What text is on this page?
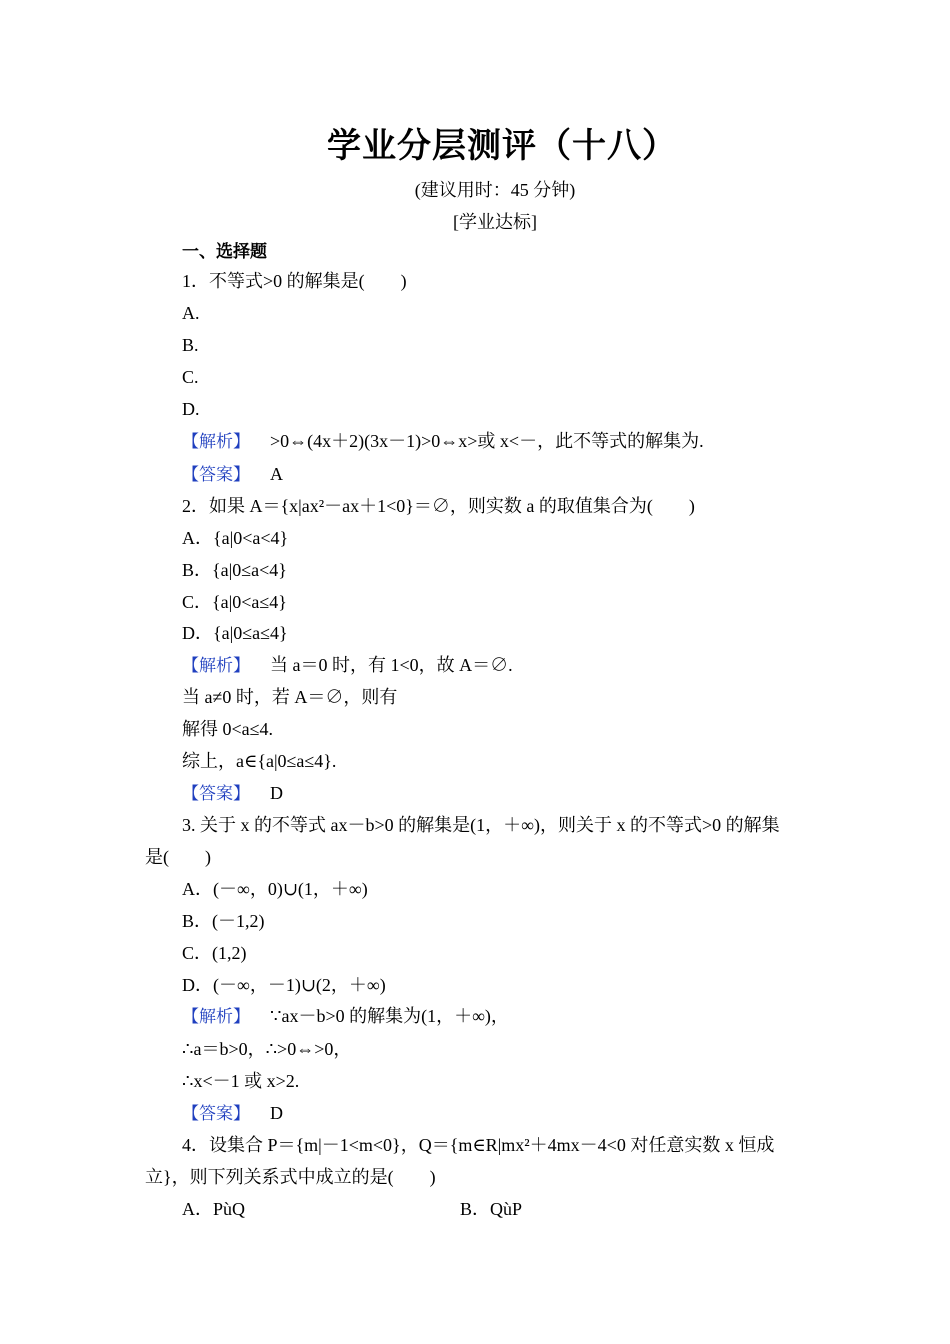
学业分层测评（十八）
(建议用时：45 分钟)
[学业达标]
一、选择题
1．不等式>0 的解集是(　　)
A.
B.
C.
D.
【解析】 >0⇔(4x＋2)(3x－1)>0⇔x>或 x<－，此不等式的解集为.
【答案】 A
2．如果 A＝{x|ax²－ax＋1<0}＝∅，则实数 a 的取值集合为(　　)
A．{a|0<a<4}
B．{a|0≤a<4}
C．{a|0<a≤4}
D．{a|0≤a≤4}
【解析】 当 a＝0 时，有 1<0，故 A＝∅.
当 a≠0 时，若 A＝∅，则有
解得 0<a≤4.
综上，a∈{a|0≤a≤4}.
【答案】 D
3. 关于 x 的不等式 ax－b>0 的解集是(1，＋∞)，则关于 x 的不等式>0 的解集
是(　　)
A．(－∞，0)∪(1，＋∞)
B．(－1,2)
C．(1,2)
D．(－∞，－1)∪(2，＋∞)
【解析】 ∵ax－b>0 的解集为(1，＋∞)，
∴a＝b>0，∴>0⇔>0，
∴x<－1 或 x>2.
【答案】 D
4．设集合 P＝{m|－1<m<0}，Q＝{m∈R|mx²＋4mx－4<0 对任意实数 x 恒成
立}，则下列关系式中成立的是(　　)
A．PùQ	B．QùP
